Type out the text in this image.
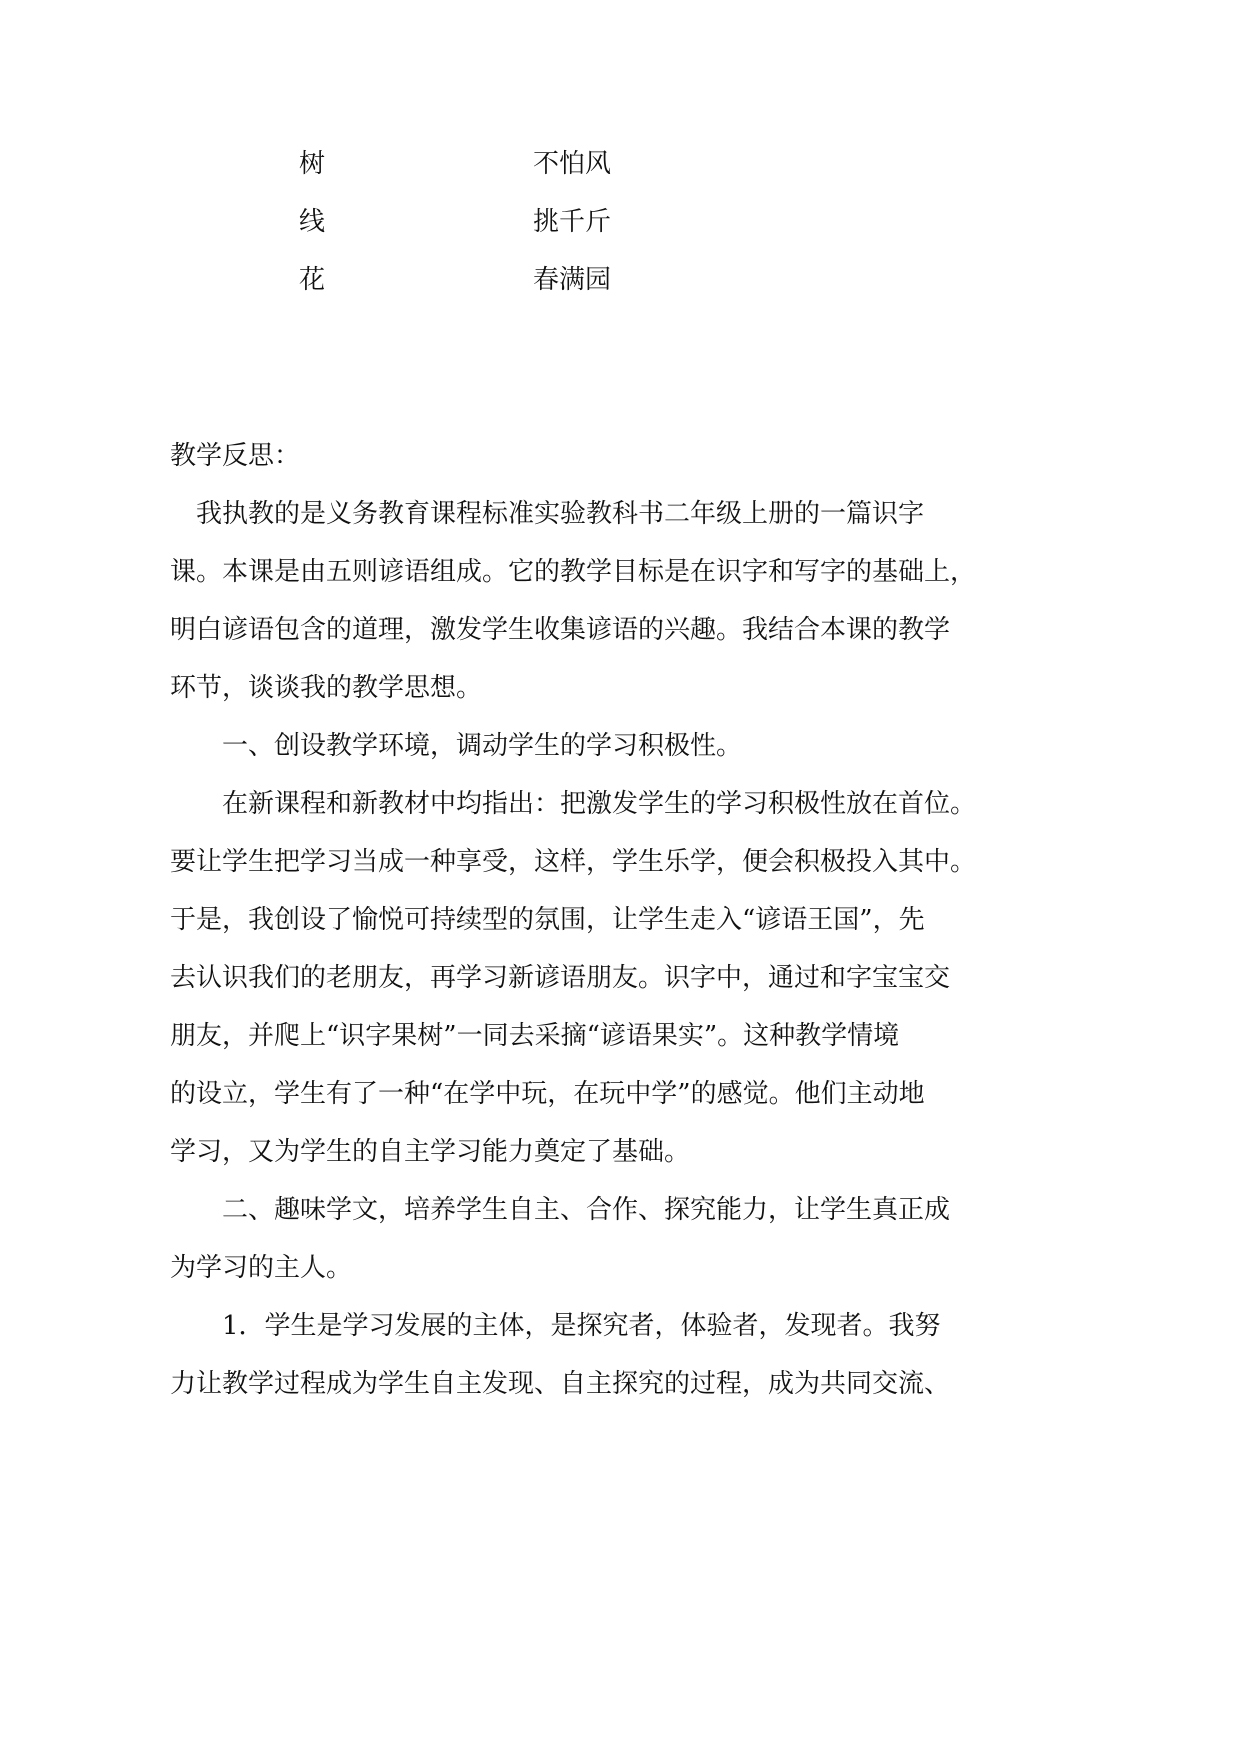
树	不怕风
线	挑千斤
花	春满园
教学反思：
　我执教的是义务教育课程标准实验教科书二年级上册的一篇识字
课。本课是由五则谚语组成。它的教学目标是在识字和写字的基础上，
明白谚语包含的道理，激发学生收集谚语的兴趣。我结合本课的教学
环节，谈谈我的教学思想。
　　一、创设教学环境，调动学生的学习积极性。
　　在新课程和新教材中均指出：把激发学生的学习积极性放在首位。
要让学生把学习当成一种享受，这样，学生乐学，便会积极投入其中。
于是，我创设了愉悦可持续型的氛围，让学生走入“谚语王国”，先
去认识我们的老朋友，再学习新谚语朋友。识字中，通过和字宝宝交
朋友，并爬上“识字果树”一同去采摘“谚语果实”。这种教学情境
的设立，学生有了一种“在学中玩，在玩中学”的感觉。他们主动地
学习，又为学生的自主学习能力奠定了基础。
　　二、趣味学文，培养学生自主、合作、探究能力，让学生真正成
为学习的主人。
　　1．学生是学习发展的主体，是探究者，体验者，发现者。我努
力让教学过程成为学生自主发现、自主探究的过程，成为共同交流、
